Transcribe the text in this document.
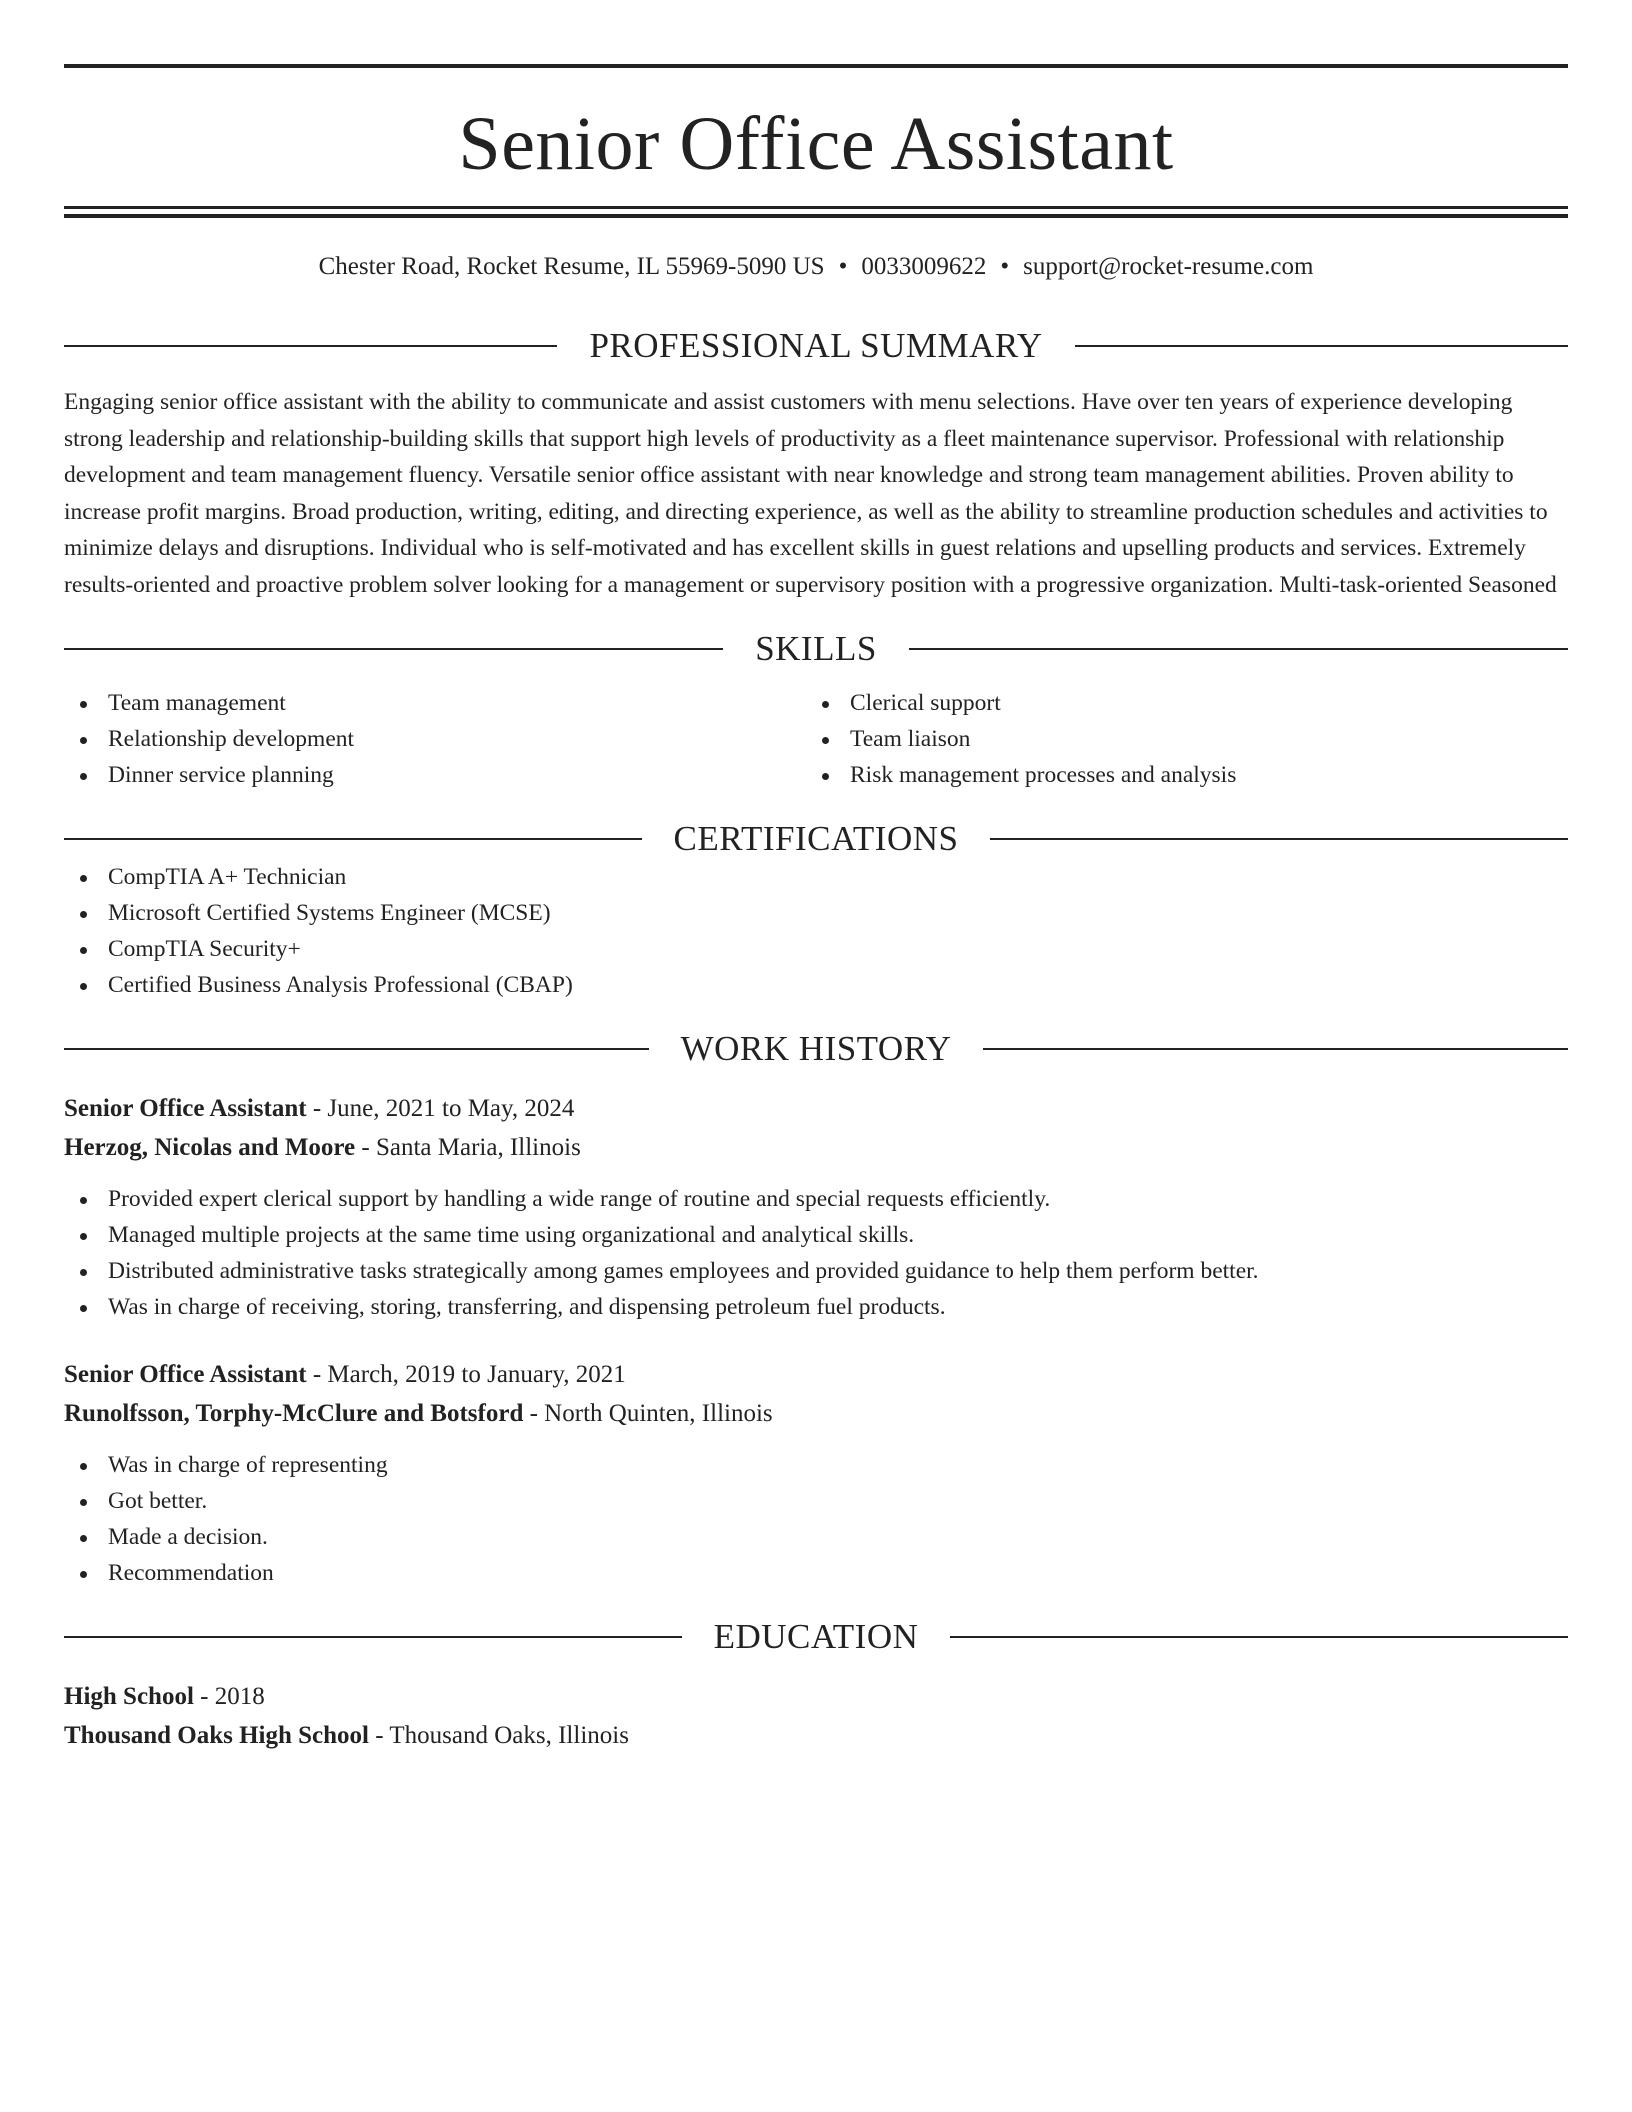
Senior Office Assistant
Chester Road, Rocket Resume, IL 55969-5090 US • 0033009622 • support@rocket-resume.com
PROFESSIONAL SUMMARY

Engaging senior office assistant with the ability to communicate and assist customers with menu selections. Have over ten years of experience developing strong leadership and relationship-building skills that support high levels of productivity as a fleet maintenance supervisor. Professional with relationship development and team management fluency. Versatile senior office assistant with near knowledge and strong team management abilities. Proven ability to increase profit margins. Broad production, writing, editing, and directing experience, as well as the ability to streamline production schedules and activities to minimize delays and disruptions. Individual who is self-motivated and has excellent skills in guest relations and upselling products and services. Extremely results-oriented and proactive problem solver looking for a management or supervisory position with a progressive organization. Multi-task-oriented Seasoned

SKILLS
Team management
Relationship development
Dinner service planning
Clerical support
Team liaison
Risk management processes and analysis
CERTIFICATIONS
CompTIA A+ Technician
Microsoft Certified Systems Engineer (MCSE)
CompTIA Security+
Certified Business Analysis Professional (CBAP)
WORK HISTORY
Senior Office Assistant - June, 2021 to May, 2024
Herzog, Nicolas and Moore - Santa Maria, Illinois
Provided expert clerical support by handling a wide range of routine and special requests efficiently.
Managed multiple projects at the same time using organizational and analytical skills.
Distributed administrative tasks strategically among games employees and provided guidance to help them perform better.
Was in charge of receiving, storing, transferring, and dispensing petroleum fuel products.
Senior Office Assistant - March, 2019 to January, 2021
Runolfsson, Torphy-McClure and Botsford - North Quinten, Illinois
Was in charge of representing
Got better.
Made a decision.
Recommendation
EDUCATION
High School - 2018
Thousand Oaks High School - Thousand Oaks, Illinois
